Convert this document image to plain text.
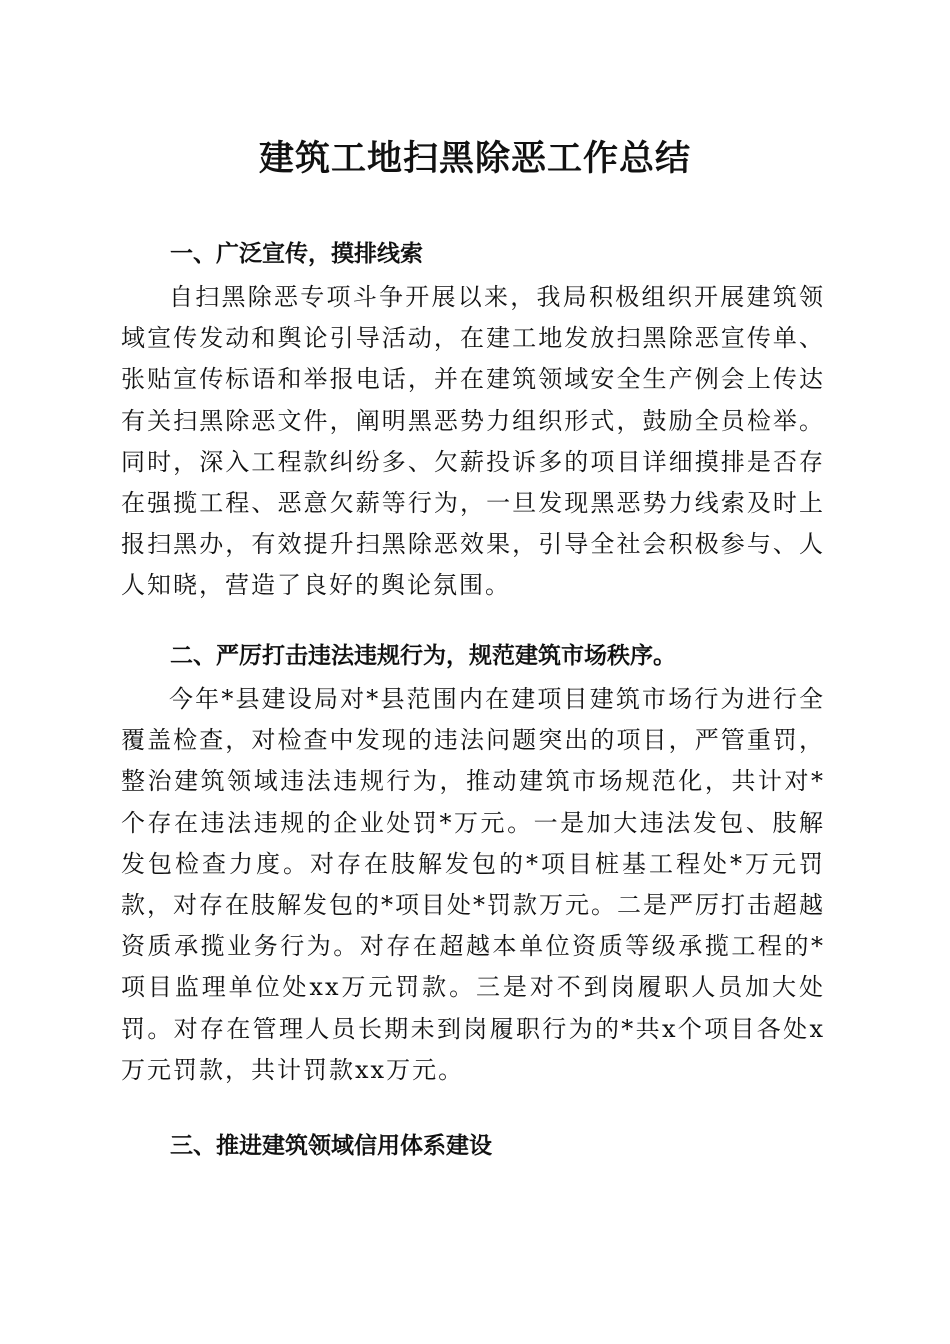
建筑工地扫黑除恶工作总结
一、广泛宣传，摸排线索

自扫黑除恶专项斗争开展以来，我局积极组织开展建筑领域宣传发动和舆论引导活动，在建工地发放扫黑除恶宣传单、张贴宣传标语和举报电话，并在建筑领域安全生产例会上传达有关扫黑除恶文件，阐明黑恶势力组织形式，鼓励全员检举。同时，深入工程款纠纷多、欠薪投诉多的项目详细摸排是否存在强揽工程、恶意欠薪等行为，一旦发现黑恶势力线索及时上报扫黑办，有效提升扫黑除恶效果，引导全社会积极参与、人人知晓，营造了良好的舆论氛围。

二、严厉打击违法违规行为，规范建筑市场秩序。

今年*县建设局对*县范围内在建项目建筑市场行为进行全覆盖检查，对检查中发现的违法问题突出的项目，严管重罚，整治建筑领域违法违规行为，推动建筑市场规范化，共计对*个存在违法违规的企业处罚*万元。一是加大违法发包、肢解发包检查力度。对存在肢解发包的*项目桩基工程处*万元罚款，对存在肢解发包的*项目处*罚款万元。二是严厉打击超越资质承揽业务行为。对存在超越本单位资质等级承揽工程的*项目监理单位处xx万元罚款。三是对不到岗履职人员加大处罚。对存在管理人员长期未到岗履职行为的*共x个项目各处x万元罚款，共计罚款xx万元。

三、推进建筑领域信用体系建设
